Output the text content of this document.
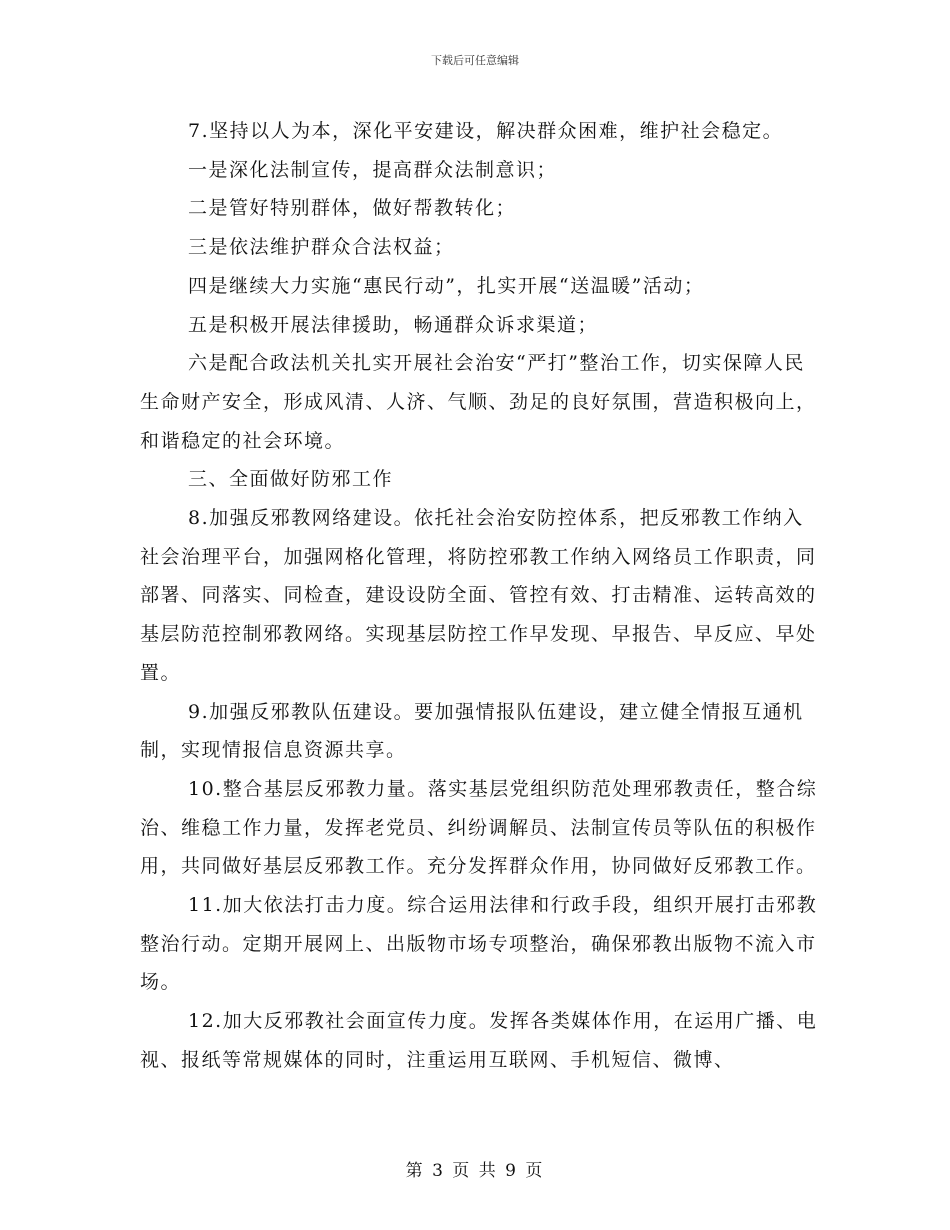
下载后可任意编辑

7.坚持以人为本，深化平安建设，解决群众困难，维护社会稳定。

一是深化法制宣传，提高群众法制意识；

二是管好特别群体，做好帮教转化；

三是依法维护群众合法权益；

四是继续大力实施“惠民行动”，扎实开展“送温暖”活动；

五是积极开展法律援助，畅通群众诉求渠道；

六是配合政法机关扎实开展社会治安“严打”整治工作，切实保障人民生命财产安全，形成风清、人济、气顺、劲足的良好氛围，营造积极向上，和谐稳定的社会环境。

三、全面做好防邪工作

8.加强反邪教网络建设。依托社会治安防控体系，把反邪教工作纳入社会治理平台，加强网格化管理，将防控邪教工作纳入网络员工作职责，同部署、同落实、同检查，建设设防全面、管控有效、打击精准、运转高效的基层防范控制邪教网络。实现基层防控工作早发现、早报告、早反应、早处置。

9.加强反邪教队伍建设。要加强情报队伍建设，建立健全情报互通机制，实现情报信息资源共享。

10.整合基层反邪教力量。落实基层党组织防范处理邪教责任，整合综治、维稳工作力量，发挥老党员、纠纷调解员、法制宣传员等队伍的积极作用，共同做好基层反邪教工作。充分发挥群众作用，协同做好反邪教工作。

11.加大依法打击力度。综合运用法律和行政手段，组织开展打击邪教整治行动。定期开展网上、出版物市场专项整治，确保邪教出版物不流入市场。

12.加大反邪教社会面宣传力度。发挥各类媒体作用，在运用广播、电视、报纸等常规媒体的同时，注重运用互联网、手机短信、微博、

第 3 页 共 9 页
